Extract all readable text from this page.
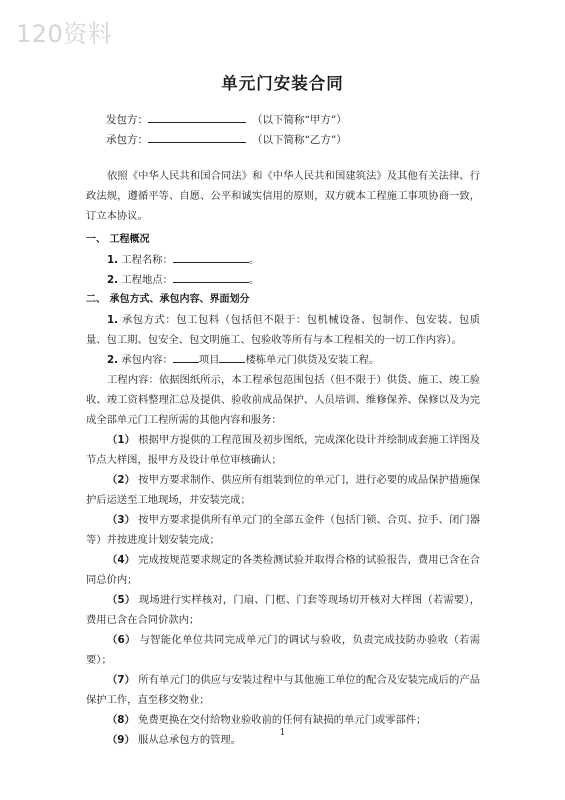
120资料
单元门安装合同
发包方：	（以下简称“甲方”）
承包方：	（以下简称“乙方”）

依照《中华人民共和国合同法》和《中华人民共和国建筑法》及其他有关法律、行政法规，遵循平等、自愿、公平和诚实信用的原则，双方就本工程施工事项协商一致，订立本协议。

一、 工程概况

1. 工程名称：	。

2. 工程地点：	。

二、 承包方式、承包内容、界面划分

1. 承包方式：包工包料（包括但不限于：包机械设备、包制作、包安装、包质量、包工期、包安全、包文明施工、包验收等所有与本工程相关的一切工作内容）。

2. 承包内容：	项目	楼栋单元门供货及安装工程。

工程内容：依据图纸所示，本工程承包范围包括（但不限于）供货、施工、竣工验收、竣工资料整理汇总及提供、验收前成品保护、人员培训、维修保养、保修以及为完成全部单元门工程所需的其他内容和服务：

（1） 根据甲方提供的工程范围及初步图纸，完成深化设计并绘制成套施工详图及节点大样图，报甲方及设计单位审核确认；

（2） 按甲方要求制作、供应所有组装到位的单元门，进行必要的成品保护措施保护后运送至工地现场，并安装完成；

（3） 按甲方要求提供所有单元门的全部五金件（包括门锁、合页、拉手、闭门器等）并按进度计划安装完成；

（4） 完成按规范要求规定的各类检测试验并取得合格的试验报告，费用已含在合同总价内；

（5） 现场进行实样核对，门扇、门框、门套等现场切开核对大样图（若需要），费用已含在合同价款内；

（6） 与智能化单位共同完成单元门的调试与验收，负责完成技防办验收（若需要）；

（7） 所有单元门的供应与安装过程中与其他施工单位的配合及安装完成后的产品保护工作，直至移交物业；

（8） 免费更换在交付给物业验收前的任何有缺损的单元门或零部件；

（9） 服从总承包方的管理。

1
